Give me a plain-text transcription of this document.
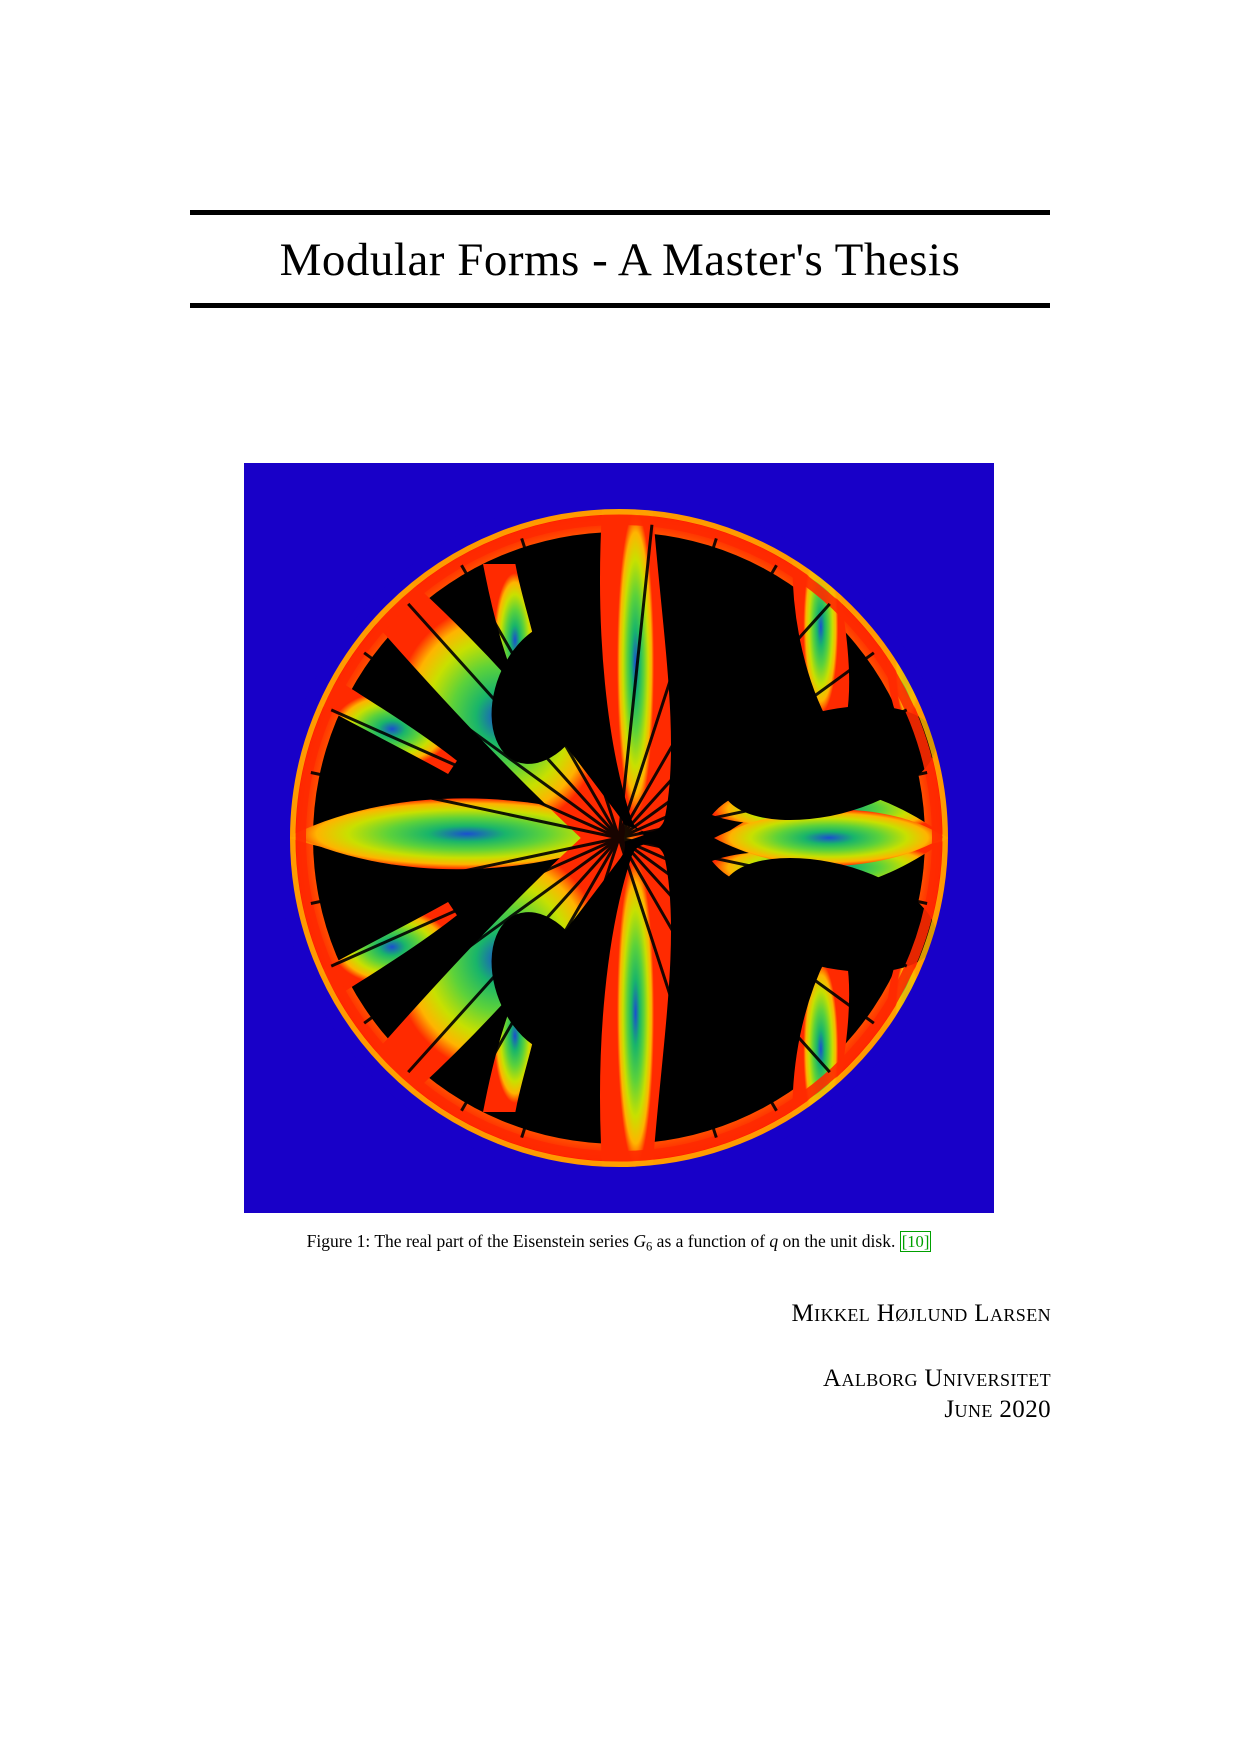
Modular Forms - A Master's Thesis
Figure 1: The real part of the Eisenstein series $G_6$ as a function of q on the unit disk. [10]
Mikkel Højlund Larsen
Aalborg Universitet
June 2020
